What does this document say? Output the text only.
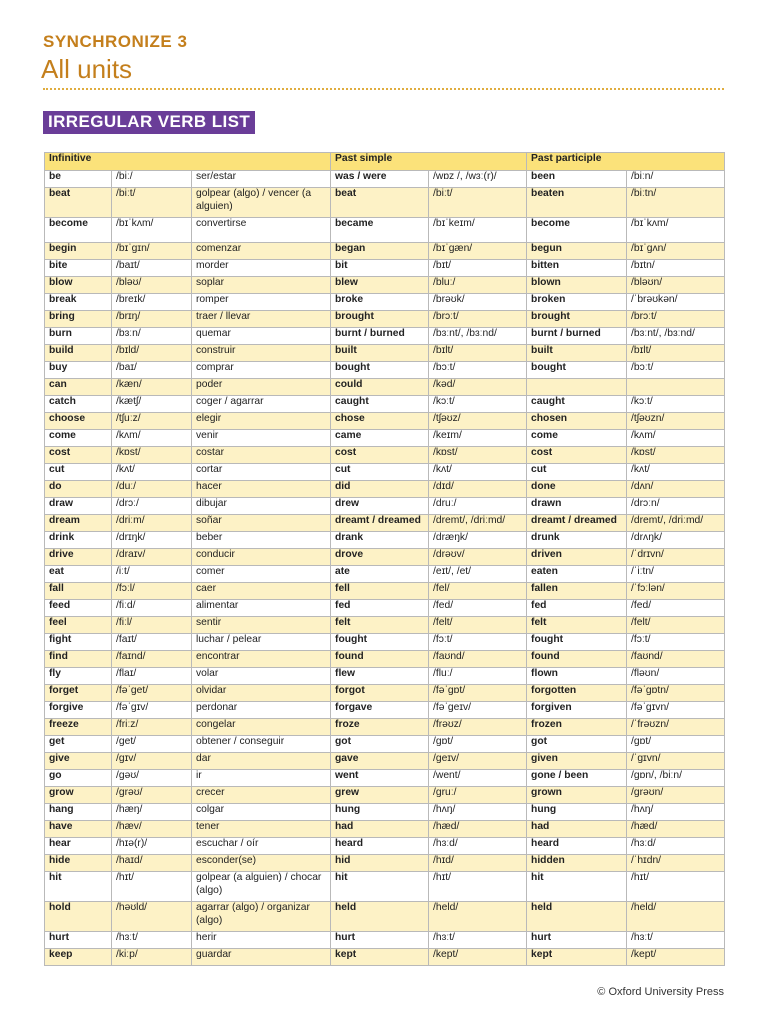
SYNCHRONIZE 3
All units
IRREGULAR VERB LIST
Infinitive			Past simple		Past participle	
be	/biː/	ser/estar	was / were	/wɒz /, /wɜː(r)/	been	/biːn/
beat	/biːt/	golpear (algo) / vencer (a alguien)	beat	/biːt/	beaten	/biːtn/
become	/bɪˈkʌm/	convertirse	became	/bɪˈkeɪm/	become	/bɪˈkʌm/
begin	/bɪˈɡɪn/	comenzar	began	/bɪˈɡæn/	begun	/bɪˈɡʌn/
bite	/baɪt/	morder	bit	/bɪt/	bitten	/bɪtn/
blow	/bləʊ/	soplar	blew	/bluː/	blown	/bləʊn/
break	/breɪk/	romper	broke	/brəʊk/	broken	/ˈbrəʊkən/
bring	/brɪŋ/	traer / llevar	brought	/brɔːt/	brought	/brɔːt/
burn	/bɜːn/	quemar	burnt / burned	/bɜːnt/, /bɜːnd/	burnt / burned	/bɜːnt/, /bɜːnd/
build	/bɪld/	construir	built	/bɪlt/	built	/bɪlt/
buy	/baɪ/	comprar	bought	/bɔːt/	bought	/bɔːt/
can	/kæn/	poder	could	/kəd/		
catch	/kætʃ/	coger / agarrar	caught	/kɔːt/	caught	/kɔːt/
choose	/tʃuːz/	elegir	chose	/tʃəʊz/	chosen	/tʃəʊzn/
come	/kʌm/	venir	came	/keɪm/	come	/kʌm/
cost	/kɒst/	costar	cost	/kɒst/	cost	/kɒst/
cut	/kʌt/	cortar	cut	/kʌt/	cut	/kʌt/
do	/duː/	hacer	did	/dɪd/	done	/dʌn/
draw	/drɔː/	dibujar	drew	/druː/	drawn	/drɔːn/
dream	/driːm/	soñar	dreamt / dreamed	/dremt/, /driːmd/	dreamt / dreamed	/dremt/, /driːmd/
drink	/drɪŋk/	beber	drank	/dræŋk/	drunk	/drʌŋk/
drive	/draɪv/	conducir	drove	/drəʊv/	driven	/ˈdrɪvn/
eat	/iːt/	comer	ate	/eɪt/, /et/	eaten	/ˈiːtn/
fall	/fɔːl/	caer	fell	/fel/	fallen	/ˈfɔːlən/
feed	/fiːd/	alimentar	fed	/fed/	fed	/fed/
feel	/fiːl/	sentir	felt	/felt/	felt	/felt/
fight	/faɪt/	luchar / pelear	fought	/fɔːt/	fought	/fɔːt/
find	/faɪnd/	encontrar	found	/faʊnd/	found	/faʊnd/
fly	/flaɪ/	volar	flew	/fluː/	flown	/fləʊn/
forget	/fəˈɡet/	olvidar	forgot	/fəˈɡɒt/	forgotten	/fəˈɡɒtn/
forgive	/fəˈɡɪv/	perdonar	forgave	/fəˈɡeɪv/	forgiven	/fəˈɡɪvn/
freeze	/friːz/	congelar	froze	/frəʊz/	frozen	/ˈfrəʊzn/
get	/ɡet/	obtener / conseguir	got	/ɡɒt/	got	/ɡɒt/
give	/ɡɪv/	dar	gave	/ɡeɪv/	given	/ˈɡɪvn/
go	/ɡəʊ/	ir	went	/went/	gone / been	/ɡɒn/, /biːn/
grow	/ɡrəʊ/	crecer	grew	/ɡruː/	grown	/ɡrəʊn/
hang	/hæŋ/	colgar	hung	/hʌŋ/	hung	/hʌŋ/
have	/hæv/	tener	had	/hæd/	had	/hæd/
hear	/hɪə(r)/	escuchar / oír	heard	/hɜːd/	heard	/hɜːd/
hide	/haɪd/	esconder(se)	hid	/hɪd/	hidden	/ˈhɪdn/
hit	/hɪt/	golpear (a alguien) / chocar (algo)	hit	/hɪt/	hit	/hɪt/
hold	/həʊld/	agarrar (algo) / organizar (algo)	held	/held/	held	/held/
hurt	/hɜːt/	herir	hurt	/hɜːt/	hurt	/hɜːt/
keep	/kiːp/	guardar	kept	/kept/	kept	/kept/
© Oxford University Press
